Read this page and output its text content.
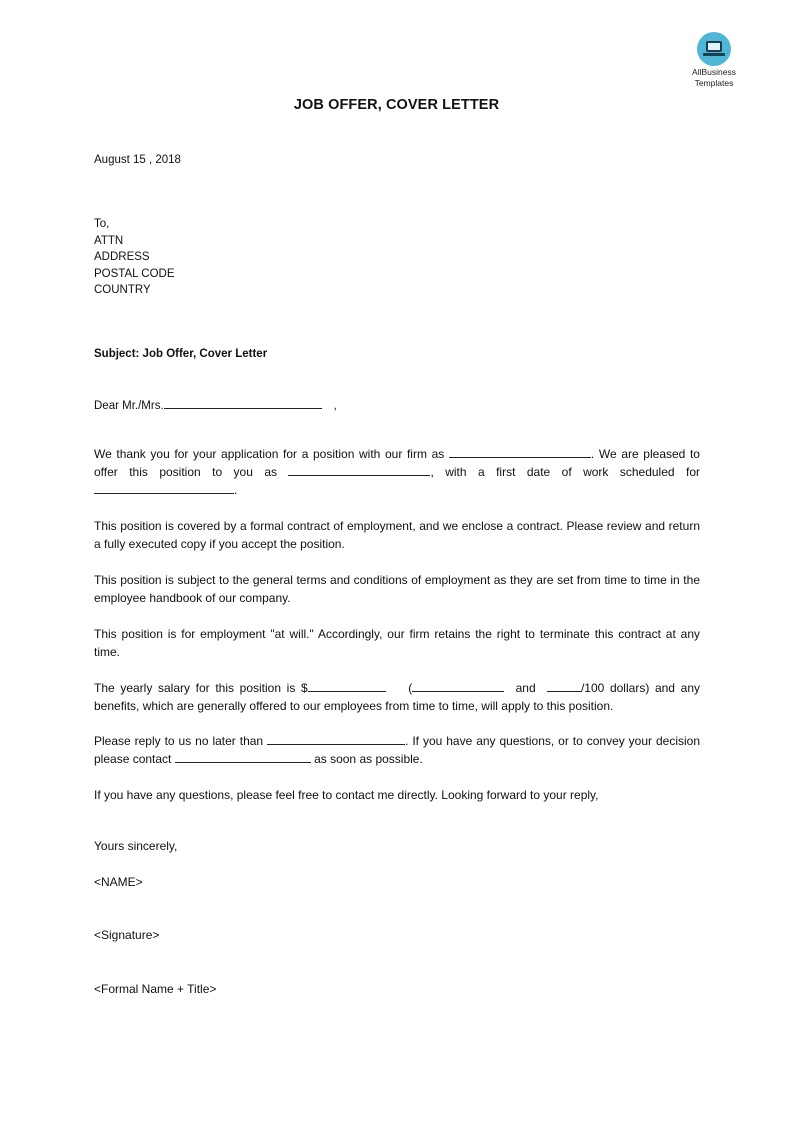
AllBusiness
Templates
JOB OFFER, COVER LETTER
August 15 , 2018
To,
ATTN
ADDRESS
POSTAL CODE
COUNTRY
Subject: Job Offer, Cover Letter
Dear Mr./Mrs.	,
We thank you for your application for a position with our firm as	. We are pleased to offer this position to you as	, with a first date of work scheduled for .
This position is covered by a formal contract of employment, and we enclose a contract. Please review and return a fully executed copy if you accept the position.
This position is subject to the general terms and conditions of employment as they are set from time to time in the employee handbook of our company.
This position is for employment "at will." Accordingly, our firm retains the right to terminate this contract at any time.
The yearly salary for this position is $	(	and	/100 dollars) and any benefits, which are generally offered to our employees from time to time, will apply to this position.
Please reply to us no later than	. If you have any questions, or to convey your decision please contact	as soon as possible.
If you have any questions, please feel free to contact me directly. Looking forward to your reply,
Yours sincerely,
<NAME>
<Signature>
<Formal Name + Title>
